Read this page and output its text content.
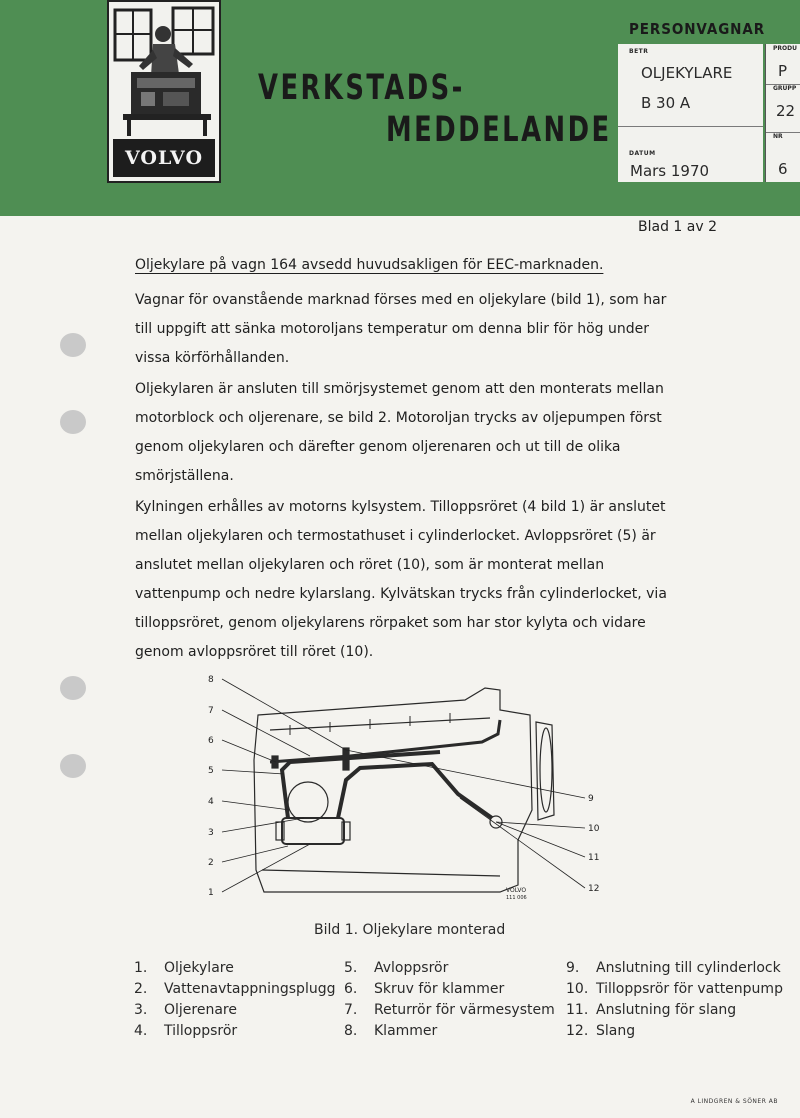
VOLVO
VERKSTADS-
MEDDELANDE
PERSONVAGNAR
BETR
OLJEKYLARE
B 30 A
DATUM
Mars 1970
PRODU
P
GRUPP
22
NR
6
Blad 1 av 2
Oljekylare på vagn 164 avsedd huvudsakligen för EEC-marknaden.
Vagnar för ovanstående marknad förses med en oljekylare (bild 1), som har till uppgift att sänka motoroljans temperatur om denna blir för hög under vissa körförhållanden.
Oljekylaren är ansluten till smörjsystemet genom att den monterats mellan motorblock och oljerenare, se bild 2. Motoroljan trycks av oljepumpen först genom oljekylaren och därefter genom oljerenaren och ut till de olika smörjställena.
Kylningen erhålles av motorns kylsystem. Tilloppsröret (4 bild 1) är anslutet mellan oljekylaren och termostathuset i cylinderlocket. Avloppsröret (5) är anslutet mellan oljekylaren och röret (10), som är monterat mellan vattenpump och nedre kylarslang. Kylvätskan trycks från cylinderlocket, via tilloppsröret, genom oljekylarens rörpaket som har stor kylyta och vidare genom avloppsröret till röret (10).
8
7
6
5
4
3
2
1
9
10
11
12
VOLVO
111 006
Bild 1. Oljekylare monterad
1. Oljekylare
2. Vattenavtappningsplugg
3. Oljerenare
4. Tilloppsrör
5. Avloppsrör
6. Skruv för klammer
7. Returrör för värmesystem
8. Klammer
9. Anslutning till cylinderlock
10. Tilloppsrör för vattenpump
11. Anslutning för slang
12. Slang
A LINDGREN & SÖNER AB
